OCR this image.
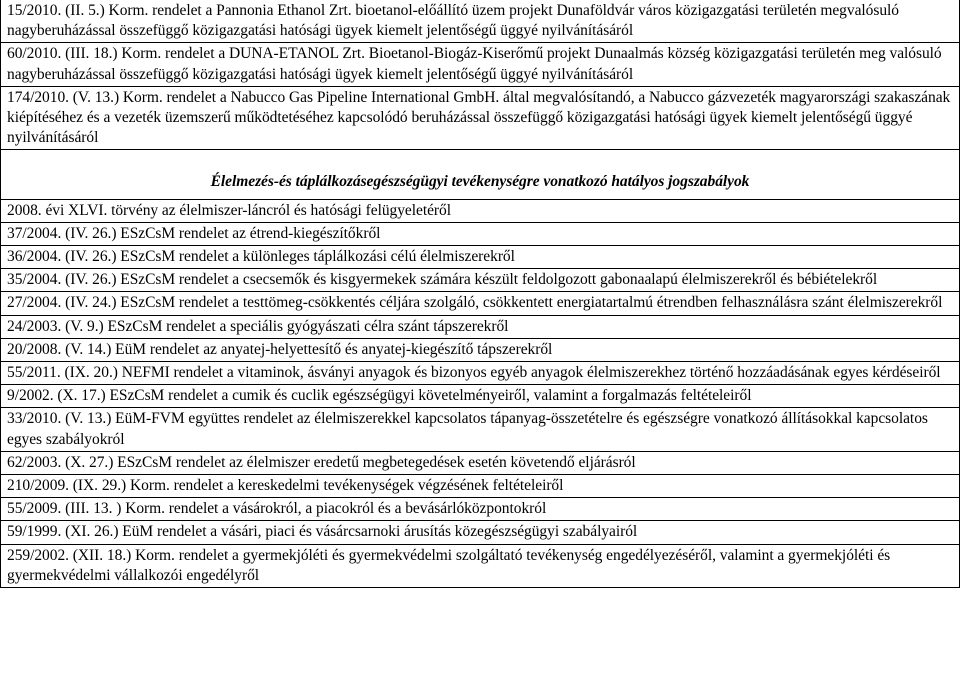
15/2010. (II. 5.) Korm. rendelet a Pannonia Ethanol Zrt. bioetanol-előállító üzem projekt Dunaföldvár város közigazgatási területén megvalósuló nagyberuházással összefüggő közigazgatási hatósági ügyek kiemelt jelentőségű üggyé nyilvánításáról
60/2010. (III. 18.) Korm. rendelet a DUNA-ETANOL Zrt. Bioetanol-Biogáz-Kiserőmű projekt Dunaalmás község közigazgatási területén meg valósuló nagyberuházással összefüggő közigazgatási hatósági ügyek kiemelt jelentőségű üggyé nyilvánításáról
174/2010. (V. 13.) Korm. rendelet a Nabucco Gas Pipeline International GmbH. által megvalósítandó, a Nabucco gázvezeték magyarországi szakaszának kiépítéséhez és a vezeték üzemszerű működtetéséhez kapcsolódó beruházással összefüggő közigazgatási hatósági ügyek kiemelt jelentőségű üggyé nyilvánításáról
Élelmezés-és táplálkozásegészségügyi tevékenységre vonatkozó hatályos jogszabályok
2008. évi XLVI. törvény az élelmiszer-láncról és hatósági felügyeletéről
37/2004. (IV. 26.) ESzCsM rendelet az étrend-kiegészítőkről
36/2004. (IV. 26.) ESzCsM rendelet a különleges táplálkozási célú élelmiszerekről
35/2004. (IV. 26.) ESzCsM rendelet a csecsemők és kisgyermekek számára készült feldolgozott gabonaalapú élelmiszerekről és bébiételekről
27/2004. (IV. 24.) ESzCsM rendelet a testtömeg-csökkentés céljára szolgáló, csökkentett energiatartalmú étrendben felhasználásra szánt élelmiszerekről
24/2003. (V. 9.) ESzCsM rendelet a speciális gyógyászati célra szánt tápszerekről
20/2008. (V. 14.) EüM rendelet az anyatej-helyettesítő és anyatej-kiegészítő tápszerekről
55/2011. (IX. 20.) NEFMI rendelet a vitaminok, ásványi anyagok és bizonyos egyéb anyagok élelmiszerekhez történő hozzáadásának egyes kérdéseiről
9/2002. (X. 17.) ESzCsM rendelet a cumik és cuclik egészségügyi követelményeiről, valamint a forgalmazás feltételeiről
33/2010. (V. 13.) EüM-FVM együttes rendelet az élelmiszerekkel kapcsolatos tápanyag-összetételre és egészségre vonatkozó állításokkal kapcsolatos egyes szabályokról
62/2003. (X. 27.) ESzCsM rendelet az élelmiszer eredetű megbetegedések esetén követendő eljárásról
210/2009. (IX. 29.) Korm. rendelet a kereskedelmi tevékenységek végzésének feltételeiről
55/2009. (III. 13. ) Korm. rendelet a vásárokról, a piacokról és a bevásárlóközpontokról
59/1999. (XI. 26.) EüM rendelet a vásári, piaci és vásárcsarnoki árusítás közegészségügyi szabályairól
259/2002. (XII. 18.) Korm. rendelet a gyermekjóléti és gyermekvédelmi szolgáltató tevékenység engedélyezéséről, valamint a gyermekjóléti és gyermekvédelmi vállalkozói engedélyről
